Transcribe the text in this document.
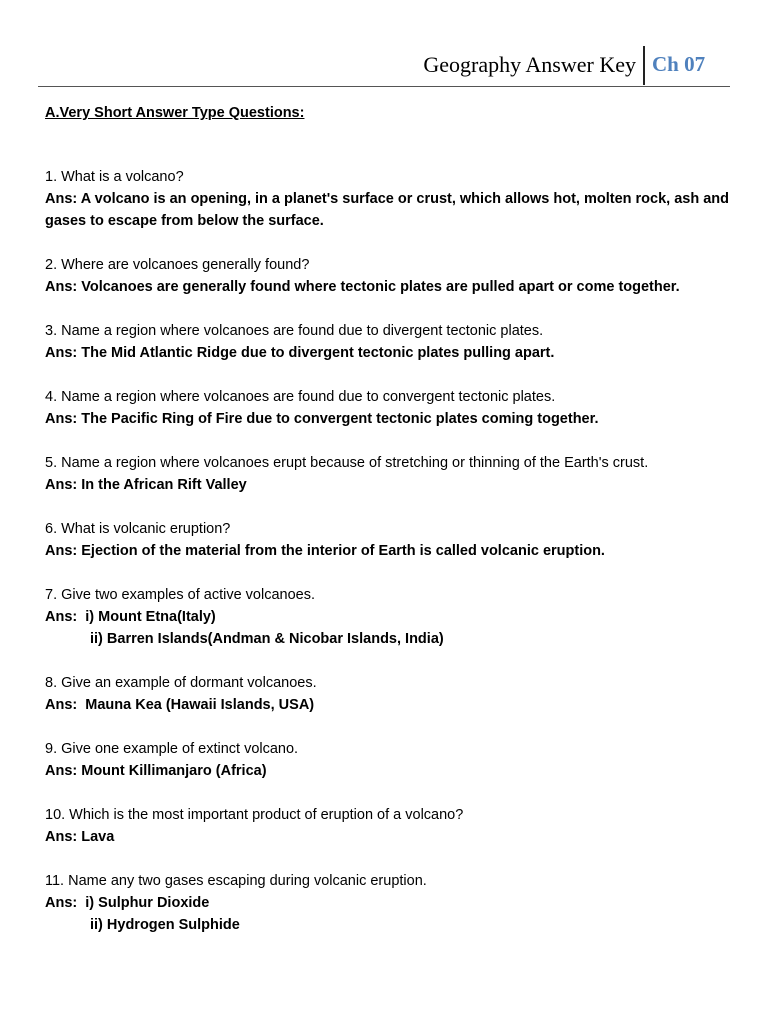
Geography Answer Key Ch 07
A.Very Short Answer Type Questions:
1. What is a volcano?
Ans: A volcano is an opening, in a planet's surface or crust, which allows hot, molten rock, ash and gases to escape from below the surface.
2. Where are volcanoes generally found?
Ans: Volcanoes are generally found where tectonic plates are pulled apart or come together.
3. Name a region where volcanoes are found due to divergent tectonic plates.
Ans: The Mid Atlantic Ridge due to divergent tectonic plates pulling apart.
4. Name a region where volcanoes are found due to convergent tectonic plates.
Ans: The Pacific Ring of Fire due to convergent tectonic plates coming together.
5. Name a region where volcanoes erupt because of stretching or thinning of the Earth's crust.
Ans: In the African Rift Valley
6. What is volcanic eruption?
Ans: Ejection of the material from the interior of Earth is called volcanic eruption.
7. Give two examples of active volcanoes.
Ans:  i) Mount Etna(Italy)
ii) Barren Islands(Andman & Nicobar Islands, India)
8. Give an example of dormant volcanoes.
Ans:  Mauna Kea (Hawaii Islands, USA)
9. Give one example of extinct volcano.
Ans: Mount Killimanjaro (Africa)
10. Which is the most important product of eruption of a volcano?
Ans: Lava
11. Name any two gases escaping during volcanic eruption.
Ans:  i) Sulphur Dioxide
ii) Hydrogen Sulphide
